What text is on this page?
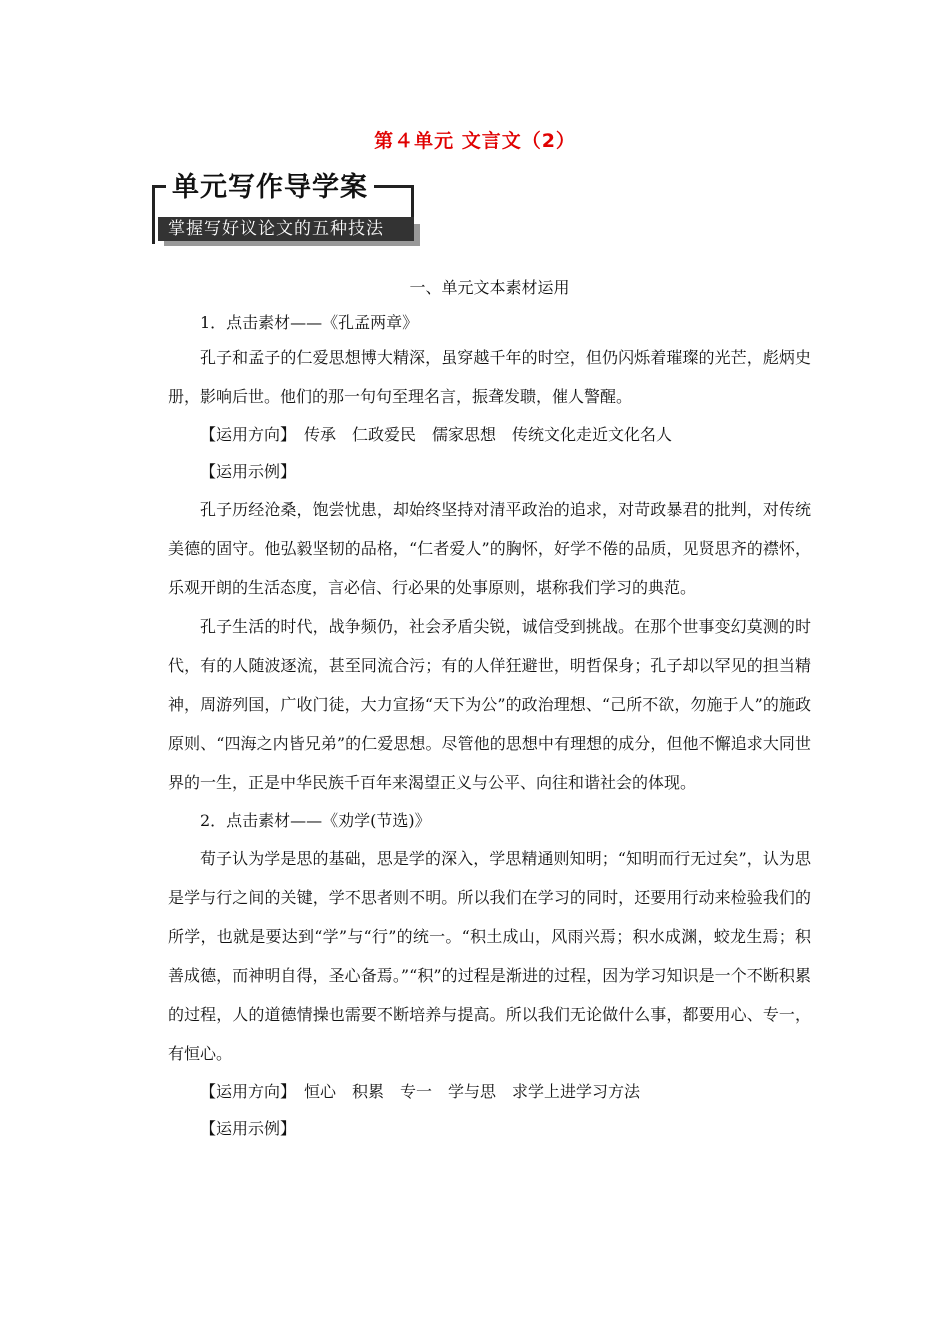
第４单元 文言文（2）
掌握写好议论文的五种技法
单元写作导学案

一、单元文本素材运用

1．点击素材——《孔孟两章》

孔子和孟子的仁爱思想博大精深，虽穿越千年的时空，但仍闪烁着璀璨的光芒，彪炳史册，影响后世。他们的那一句句至理名言，振聋发聩，催人警醒。

【运用方向】　传承　仁政爱民　儒家思想　传统文化走近文化名人

【运用示例】

孔子历经沧桑，饱尝忧患，却始终坚持对清平政治的追求，对苛政暴君的批判，对传统美德的固守。他弘毅坚韧的品格，“仁者爱人”的胸怀，好学不倦的品质，见贤思齐的襟怀，乐观开朗的生活态度，言必信、行必果的处事原则，堪称我们学习的典范。

孔子生活的时代，战争频仍，社会矛盾尖锐，诚信受到挑战。在那个世事变幻莫测的时代，有的人随波逐流，甚至同流合污；有的人佯狂避世，明哲保身；孔子却以罕见的担当精神，周游列国，广收门徒，大力宣扬“天下为公”的政治理想、“己所不欲，勿施于人”的施政原则、“四海之内皆兄弟”的仁爱思想。尽管他的思想中有理想的成分，但他不懈追求大同世界的一生，正是中华民族千百年来渴望正义与公平、向往和谐社会的体现。

2．点击素材——《劝学(节选)》

荀子认为学是思的基础，思是学的深入，学思精通则知明；“知明而行无过矣”，认为思是学与行之间的关键，学不思者则不明。所以我们在学习的同时，还要用行动来检验我们的所学，也就是要达到“学”与“行”的统一。“积土成山，风雨兴焉；积水成渊，蛟龙生焉；积善成德，而神明自得，圣心备焉。”“积”的过程是渐进的过程，因为学习知识是一个不断积累的过程，人的道德情操也需要不断培养与提高。所以我们无论做什么事，都要用心、专一，有恒心。

【运用方向】　恒心　积累　专一　学与思　求学上进学习方法

【运用示例】
